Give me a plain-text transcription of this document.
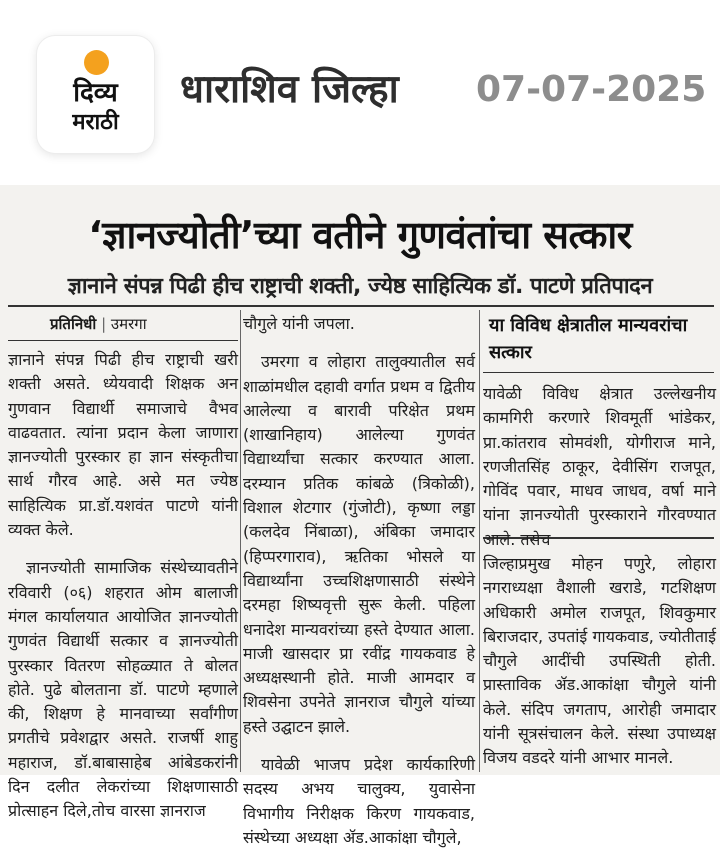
दिव्य
मराठी
धाराशिव जिल्हा 07-07-2025
‘ज्ञानज्योती’च्या वतीने गुणवंतांचा सत्कार
ज्ञानाने संपन्न पिढी हीच राष्ट्राची शक्ती, ज्येष्ठ साहित्यिक डॉ. पाटणे प्रतिपादन
प्रतिनिधी | उमरगा

ज्ञानाने संपन्न पिढी हीच राष्ट्राची खरी शक्ती असते. ध्येयवादी शिक्षक अन गुणवान विद्यार्थी समाजाचे वैभव वाढवतात. त्यांना प्रदान केला जाणारा ज्ञानज्योती पुरस्कार हा ज्ञान संस्कृतीचा सार्थ गौरव आहे. असे मत ज्येष्ठ साहित्यिक प्रा.डॉ.यशवंत पाटणे यांनी व्यक्त केले.

ज्ञानज्योती सामाजिक संस्थेच्यावतीने रविवारी (०६) शहरात ओम बालाजी मंगल कार्यालयात आयोजित ज्ञानज्योती गुणवंत विद्यार्थी सत्कार व ज्ञानज्योती पुरस्कार वितरण सोहळ्यात ते बोलत होते. पुढे बोलताना डॉ. पाटणे म्हणाले की, शिक्षण हे मानवाच्या सर्वांगीण प्रगतीचे प्रवेशद्वार असते. राजर्षी शाहु महाराज, डॉ.बाबासाहेब आंबेडकरांनी दिन दलीत लेकरांच्या शिक्षणासाठी प्रोत्साहन दिले,तोच वारसा ज्ञानराज

चौगुले यांनी जपला.

उमरगा व लोहारा तालुक्यातील सर्व शाळांमधील दहावी वर्गात प्रथम व द्वितीय आलेल्या व बारावी परिक्षेत प्रथम (शाखानिहाय) आलेल्या गुणवंत विद्यार्थ्यांचा सत्कार करण्यात आला. दरम्यान प्रतिक कांबळे (त्रिकोळी), विशाल शेटगार (गुंजोटी), कृष्णा लड्डा (कलदेव निंबाळा), अंबिका जमादार (हिप्परगाराव), ऋतिका भोसले या विद्यार्थ्यांना उच्चशिक्षणासाठी संस्थेने दरमहा शिष्यवृत्ती सुरू केली. पहिला धनादेश मान्यवरांच्या हस्ते देण्यात आला. माजी खासदार प्रा रवींद्र गायकवाड हे अध्यक्षस्थानी होते. माजी आमदार व शिवसेना उपनेते ज्ञानराज चौगुले यांच्या हस्ते उद्घाटन झाले.

यावेळी भाजप प्रदेश कार्यकारिणी सदस्य अभय चालुक्य, युवासेना विभागीय निरीक्षक किरण गायकवाड, संस्थेच्या अध्यक्षा ॲड.आकांक्षा चौगुले,

या विविध क्षेत्रातील मान्यवरांचा सत्कार

यावेळी विविध क्षेत्रात उल्लेखनीय कामगिरी करणारे शिवमूर्ती भांडेकर, प्रा.कांतराव सोमवंशी, योगीराज माने, रणजीतसिंह ठाकूर, देवीसिंग राजपूत, गोविंद पवार, माधव जाधव, वर्षा माने यांना ज्ञानज्योती पुरस्काराने गौरवण्यात आले. तसेच

जिल्हाप्रमुख मोहन पणुरे, लोहारा नगराध्यक्षा वैशाली खराडे, गटशिक्षण अधिकारी अमोल राजपूत, शिवकुमार बिराजदार, उपतांई गायकवाड, ज्योतीताई चौगुले आदींची उपस्थिती होती. प्रास्ताविक ॲड.आकांक्षा चौगुले यांनी केले. संदिप जगताप, आरोही जमादार यांनी सूत्रसंचालन केले. संस्था उपाध्यक्ष विजय वडदरे यांनी आभार मानले.
